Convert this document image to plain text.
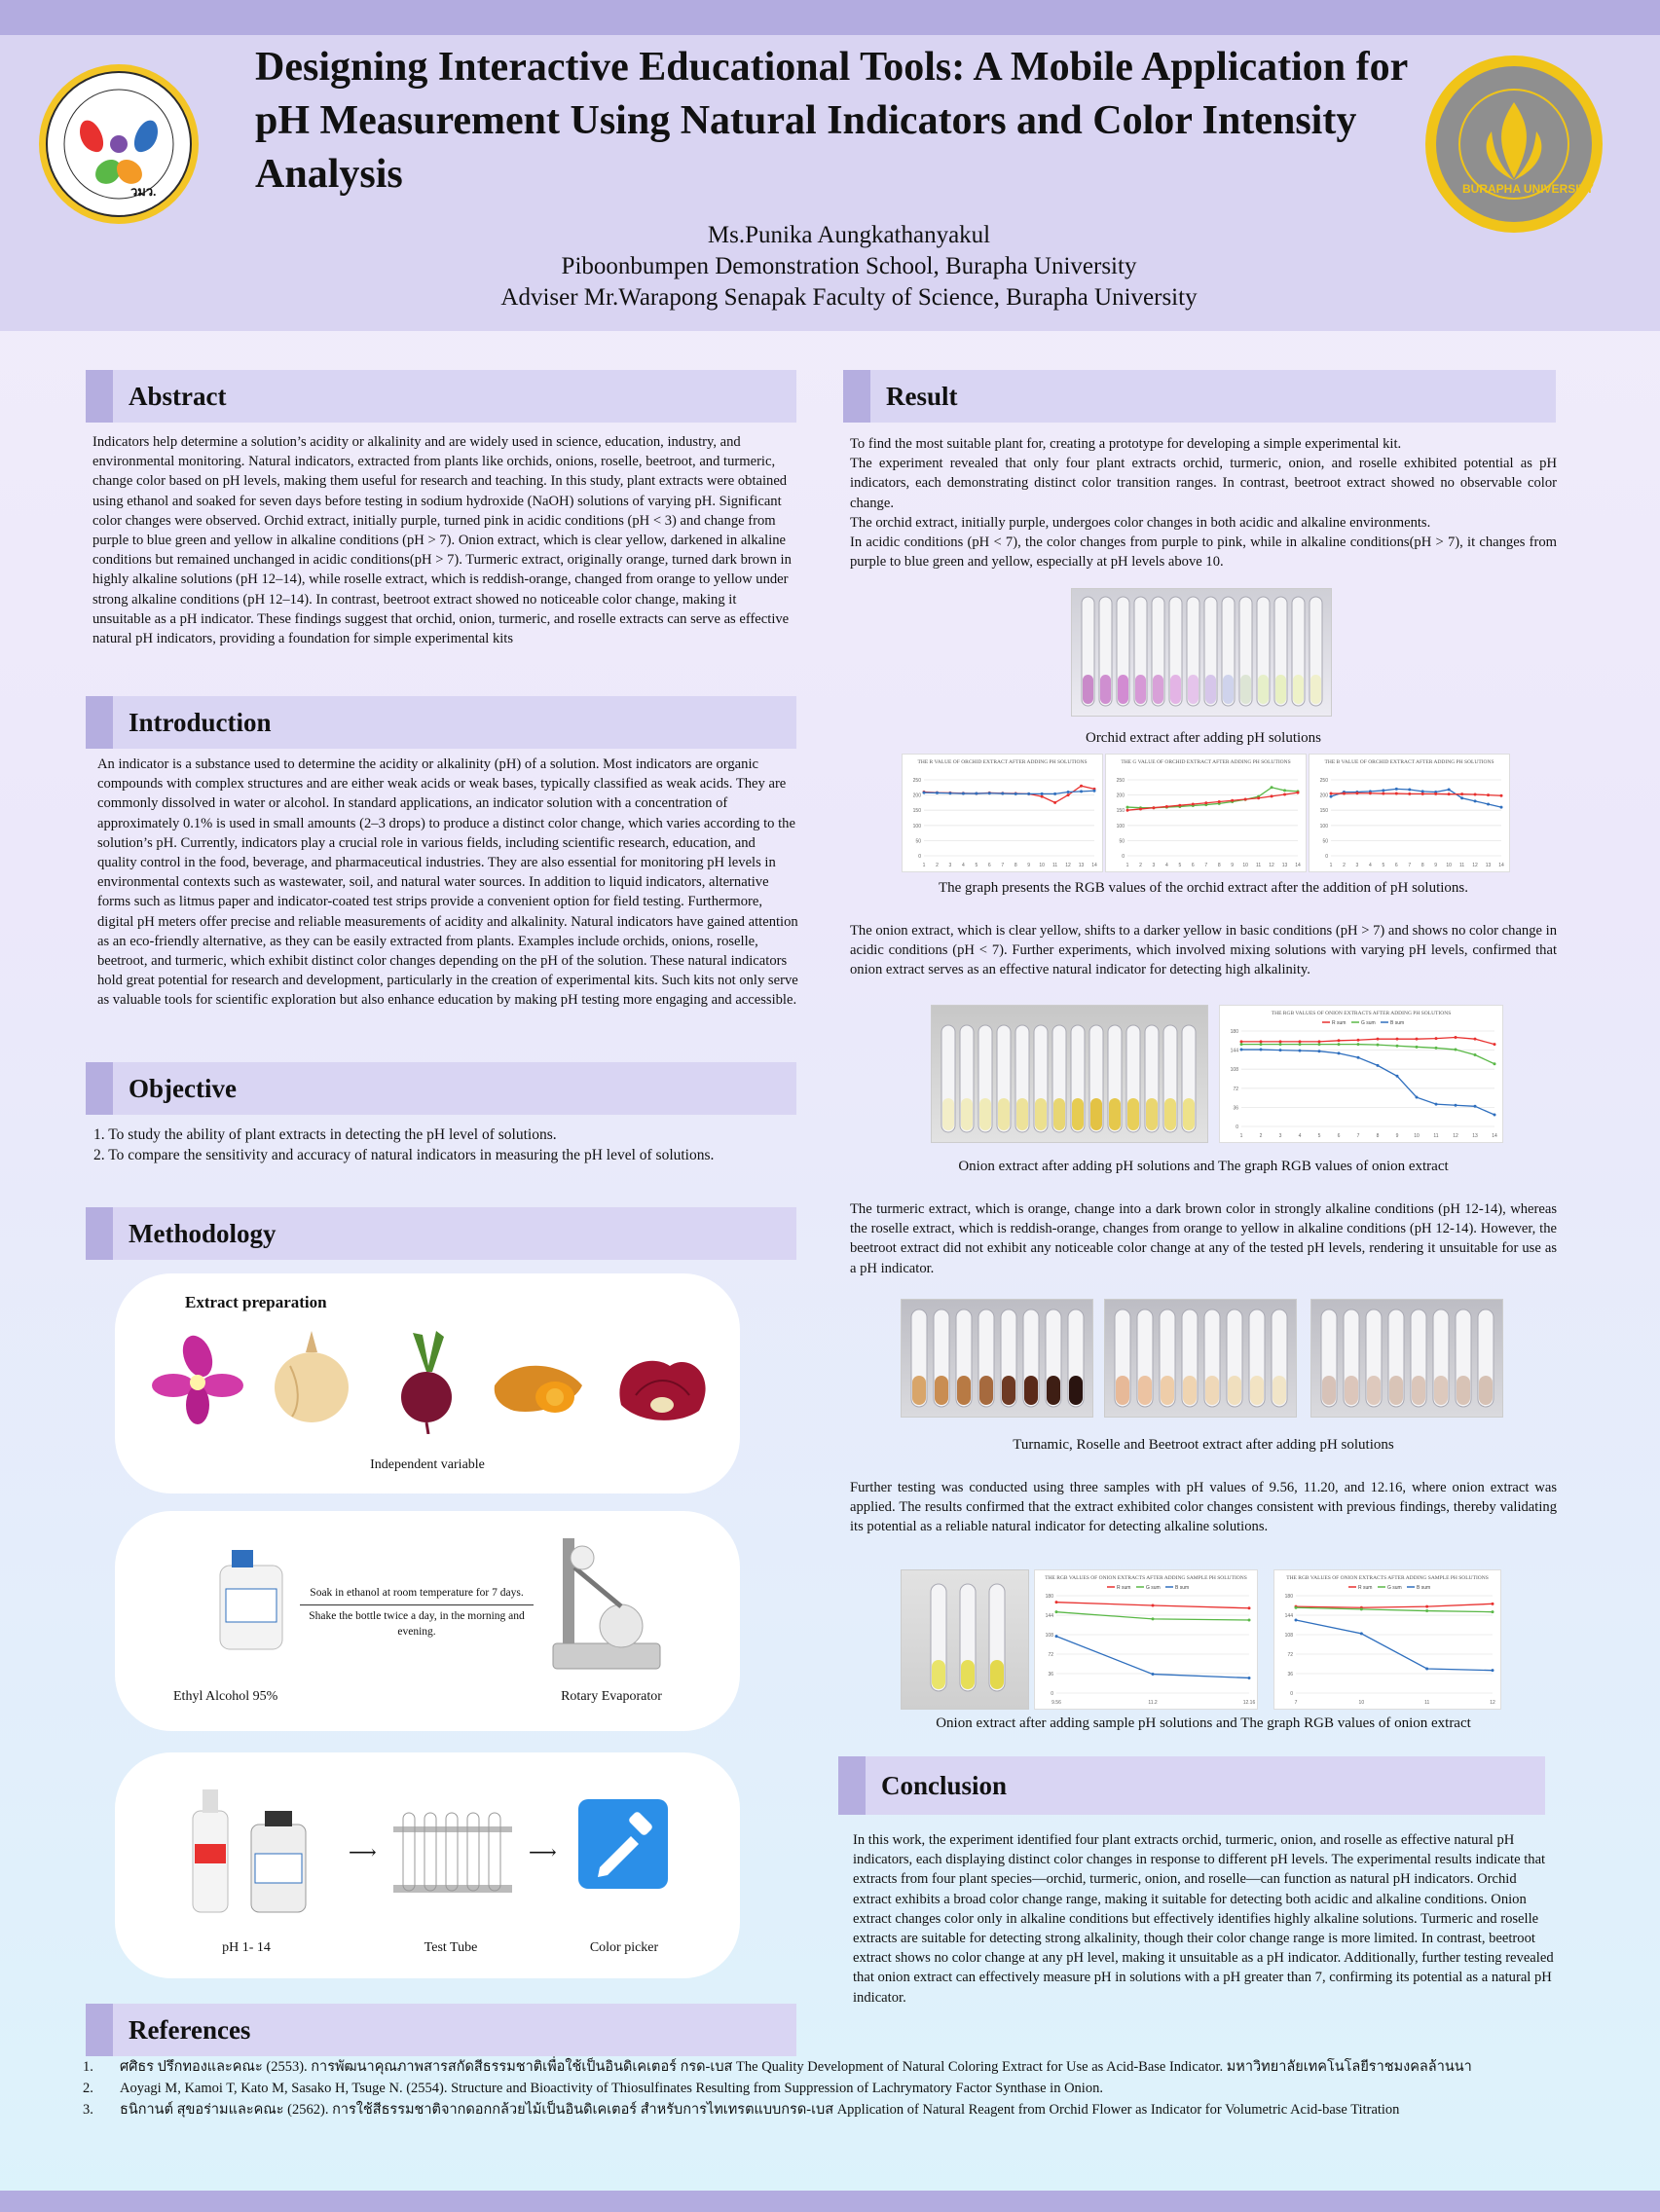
วมว.	BURAPHA UNIVERSITY
Designing Interactive Educational Tools: A Mobile Application for pH Measurement Using Natural Indicators and Color Intensity Analysis
Ms.Punika Aungkathanyakul
Piboonbumpen Demonstration School, Burapha University
Adviser Mr.Warapong Senapak Faculty of Science, Burapha University
Abstract
Indicators help determine a solution’s acidity or alkalinity and are widely used in science, education, industry, and environmental monitoring. Natural indicators, extracted from plants like orchids, onions, roselle, beetroot, and turmeric, change color based on pH levels, making them useful for research and teaching. In this study, plant extracts were obtained using ethanol and soaked for seven days before testing in sodium hydroxide (NaOH) solutions of varying pH. Significant color changes were observed. Orchid extract, initially purple, turned pink in acidic conditions (pH < 3) and change from purple to blue green and yellow in alkaline conditions (pH > 7). Onion extract, which is clear yellow, darkened in alkaline conditions but remained unchanged in acidic conditions(pH > 7). Turmeric extract, originally orange, turned dark brown in highly alkaline solutions (pH 12–14), while roselle extract, which is reddish-orange, changed from orange to yellow under strong alkaline conditions (pH 12–14). In contrast, beetroot extract showed no noticeable color change, making it unsuitable as a pH indicator. These findings suggest that orchid, onion, turmeric, and roselle extracts can serve as effective natural pH indicators, providing a foundation for simple experimental kits
Introduction
An indicator is a substance used to determine the acidity or alkalinity (pH) of a solution. Most indicators are organic compounds with complex structures and are either weak acids or weak bases, typically classified as weak acids. They are commonly dissolved in water or alcohol. In standard applications, an indicator solution with a concentration of approximately 0.1% is used in small amounts (2–3 drops) to produce a distinct color change, which varies according to the solution’s pH. Currently, indicators play a crucial role in various fields, including scientific research, education, and quality control in the food, beverage, and pharmaceutical industries. They are also essential for monitoring pH levels in environmental contexts such as wastewater, soil, and natural water sources. In addition to liquid indicators, alternative forms such as litmus paper and indicator-coated test strips provide a convenient option for field testing. Furthermore, digital pH meters offer precise and reliable measurements of acidity and alkalinity. Natural indicators have gained attention as an eco-friendly alternative, as they can be easily extracted from plants. Examples include orchids, onions, roselle, beetroot, and turmeric, which exhibit distinct color changes depending on the pH of the solution. These natural indicators hold great potential for research and development, particularly in the creation of experimental kits. Such kits not only serve as valuable tools for scientific exploration but also enhance education by making pH testing more engaging and accessible.
Objective

1. To study the ability of plant extracts in detecting the pH level of solutions.

2. To compare the sensitivity and accuracy of natural indicators in measuring the pH level of solutions.

Methodology
Extract preparation
Independent variable
Soak in ethanol at room temperature for 7 days.
Shake the bottle twice a day, in the morning and evening.
Ethyl Alcohol 95%	Rotary Evaporator
⟶	⟶
pH 1- 14	Test Tube	Color picker
References
1. ศศิธร ปรึกทองและคณะ (2553). การพัฒนาคุณภาพสารสกัดสีธรรมชาติเพื่อใช้เป็นอินดิเคเตอร์ กรด-เบส The Quality Development of Natural Coloring Extract for Use as Acid-Base Indicator. มหาวิทยาลัยเทคโนโลยีราชมงคลล้านนา
2. Aoyagi M, Kamoi T, Kato M, Sasako H, Tsuge N. (2554). Structure and Bioactivity of Thiosulfinates Resulting from Suppression of Lachrymatory Factor Synthase in Onion.
3. ธนิกานต์ สุขอร่ามและคณะ (2562). การใช้สีธรรมชาติจากดอกกล้วยไม้เป็นอินดิเคเตอร์ สำหรับการไทเทรตแบบกรด-เบส Application of Natural Reagent from Orchid Flower as Indicator for Volumetric Acid-base Titration
Result

To find the most suitable plant for, creating a prototype for developing a simple experimental kit.

The experiment revealed that only four plant extracts orchid, turmeric, onion, and roselle exhibited potential as pH indicators, each demonstrating distinct color transition ranges. In contrast, beetroot extract showed no observable color change.

The orchid extract, initially purple, undergoes color changes in both acidic and alkaline environments.

In acidic conditions (pH < 7), the color changes from purple to pink, while in alkaline conditions(pH > 7), it changes from purple to blue green and yellow, especially at pH levels above 10.

Orchid extract after adding pH solutions
THE R VALUE OF ORCHID EXTRACT AFTER ADDING PH SOLUTIONS
0
50
100
150
200
250
1 2 3 4 5 6 7 8 9 10 11 12 13 14
THE G VALUE OF ORCHID EXTRACT AFTER ADDING PH SOLUTIONS
0
50
100
150
200
250
1 2 3 4 5 6 7 8 9 10 11 12 13 14
THE B VALUE OF ORCHID EXTRACT AFTER ADDING PH SOLUTIONS
0
50
100
150
200
250
1 2 3 4 5 6 7 8 9 10 11 12 13 14
The graph presents the RGB values of the orchid extract after the addition of pH solutions.
The onion extract, which is clear yellow, shifts to a darker yellow in basic conditions (pH > 7) and shows no color change in acidic conditions (pH < 7). Further experiments, which involved mixing solutions with varying pH levels, confirmed that onion extract serves as an effective natural indicator for detecting high alkalinity.
THE RGB VALUES OF ONION EXTRACTS AFTER ADDING PH SOLUTIONS
0
36
72
108
144
180
1	2	3	4	5	6	7	8	9	10	11	12	13	14
R sum	G sum	B sum
Onion extract after adding pH solutions and The graph RGB values of onion extract
The turmeric extract, which is orange, change into a dark brown color in strongly alkaline conditions (pH 12-14), whereas the roselle extract, which is reddish-orange, changes from orange to yellow in alkaline conditions (pH 12-14). However, the beetroot extract did not exhibit any noticeable color change at any of the tested pH levels, rendering it unsuitable for use as a pH indicator.
Turnamic, Roselle and Beetroot extract after adding pH solutions
Further testing was conducted using three samples with pH values of 9.56, 11.20, and 12.16, where onion extract was applied. The results confirmed that the extract exhibited color changes consistent with previous findings, thereby validating its potential as a reliable natural indicator for detecting alkaline solutions.
THE RGB VALUES OF ONION EXTRACTS AFTER ADDING SAMPLE PH SOLUTIONS
0
36
72
108
144
180
9.56	11.2	12.16
R sum	G sum	B sum
THE RGB VALUES OF ONION EXTRACTS AFTER ADDING SAMPLE PH SOLUTIONS
0
36
72
108
144
180
7	10	11	12
R sum	G sum	B sum
Onion extract after adding sample pH solutions and The graph RGB values of onion extract
Conclusion
In this work, the experiment identified four plant extracts orchid, turmeric, onion, and roselle as effective natural pH indicators, each displaying distinct color changes in response to different pH levels. The experimental results indicate that extracts from four plant species—orchid, turmeric, onion, and roselle—can function as natural pH indicators. Orchid extract exhibits a broad color change range, making it suitable for detecting both acidic and alkaline conditions. Onion extract changes color only in alkaline conditions but effectively identifies highly alkaline solutions. Turmeric and roselle extracts are suitable for detecting strong alkalinity, though their color change range is more limited. In contrast, beetroot extract shows no color change at any pH level, making it unsuitable as a pH indicator. Additionally, further testing revealed that onion extract can effectively measure pH in solutions with a pH greater than 7, confirming its potential as a natural pH indicator.
